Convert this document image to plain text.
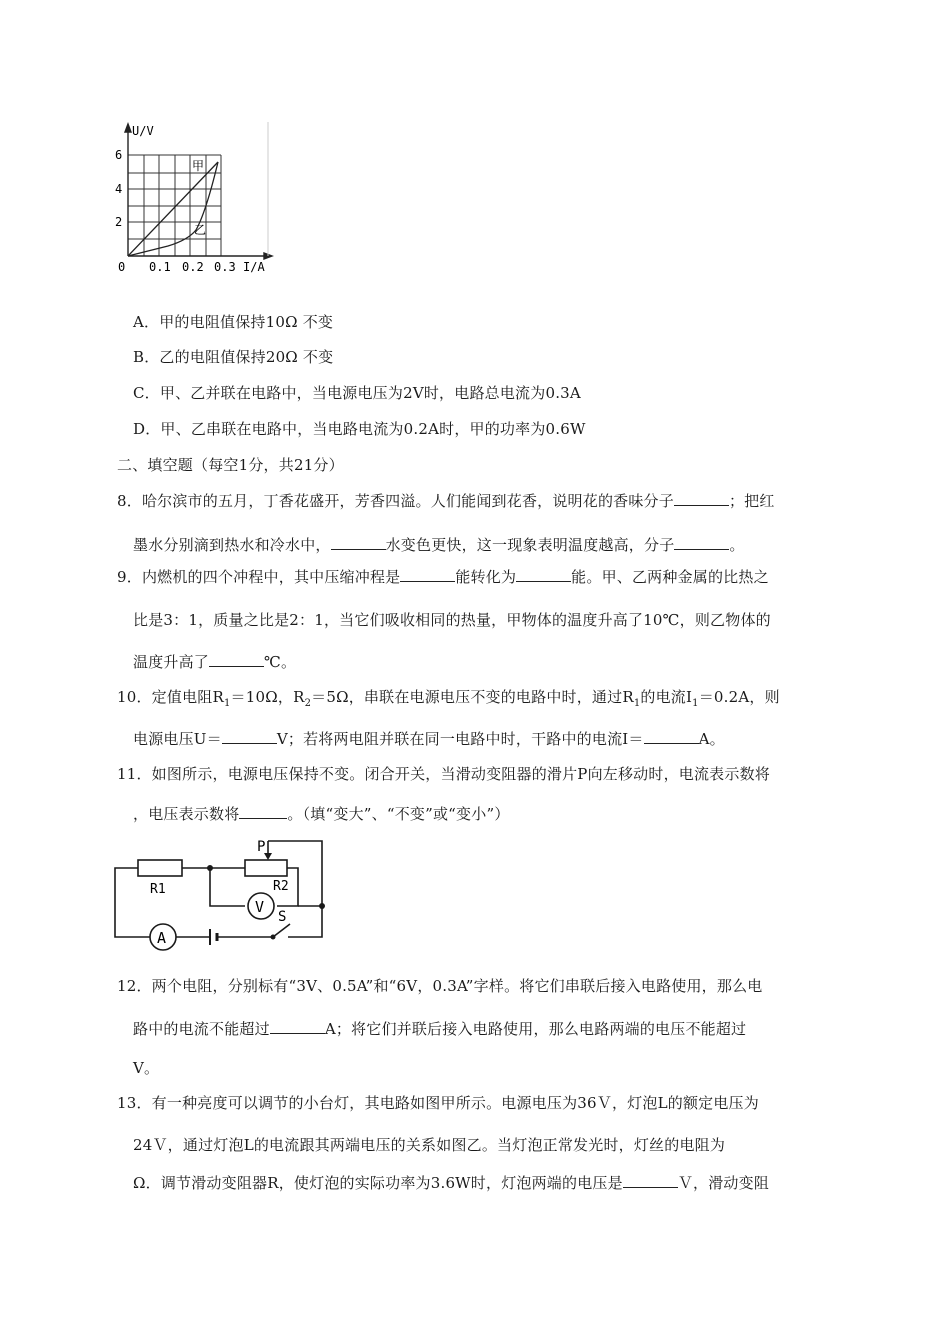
U/V
6
4
2
0 0.1 0.2 0.3 I/A
甲
乙
A．甲的电阻值保持10Ω 不变
B．乙的电阻值保持20Ω 不变
C．甲、乙并联在电路中，当电源电压为2V时，电路总电流为0.3A
D．甲、乙串联在电路中，当电路电流为0.2A时，甲的功率为0.6W
二、填空题（每空1分，共21分）
8．哈尔滨市的五月，丁香花盛开，芳香四溢。人们能闻到花香，说明花的香味分子	；把红
墨水分别滴到热水和冷水中，	水变色更快，这一现象表明温度越高，分子	。
9．内燃机的四个冲程中，其中压缩冲程是	能转化为	能。甲、乙两种金属的比热之
比是3：1，质量之比是2：1，当它们吸收相同的热量，甲物体的温度升高了10℃，则乙物体的
温度升高了	℃。
10．定值电阻$R_1=10\Omega$，$R_2=5\Omega$，串联在电源电压不变的电路中时，通过$R_1$的电流$I_1=0.2A$，则
电源电压U＝	V；若将两电阻并联在同一电路中时，干路中的电流I＝	A。
11．如图所示，电源电压保持不变。闭合开关，当滑动变阻器的滑片P向左移动时，电流表示数将
，电压表示数将	。（填“变大”、“不变”或“变小”）
V
A
R1	R2
P
S
12．两个电阻，分别标有“3V、0.5A”和“6V，0.3A”字样。将它们串联后接入电路使用，那么电
路中的电流不能超过	A；将它们并联后接入电路使用，那么电路两端的电压不能超过
V。
13．有一种亮度可以调节的小台灯，其电路如图甲所示。电源电压为36Ｖ，灯泡L的额定电压为
24Ｖ，通过灯泡L的电流跟其两端电压的关系如图乙。当灯泡正常发光时，灯丝的电阻为
Ω．调节滑动变阻器R，使灯泡的实际功率为3.6W时，灯泡两端的电压是	Ｖ，滑动变阻
